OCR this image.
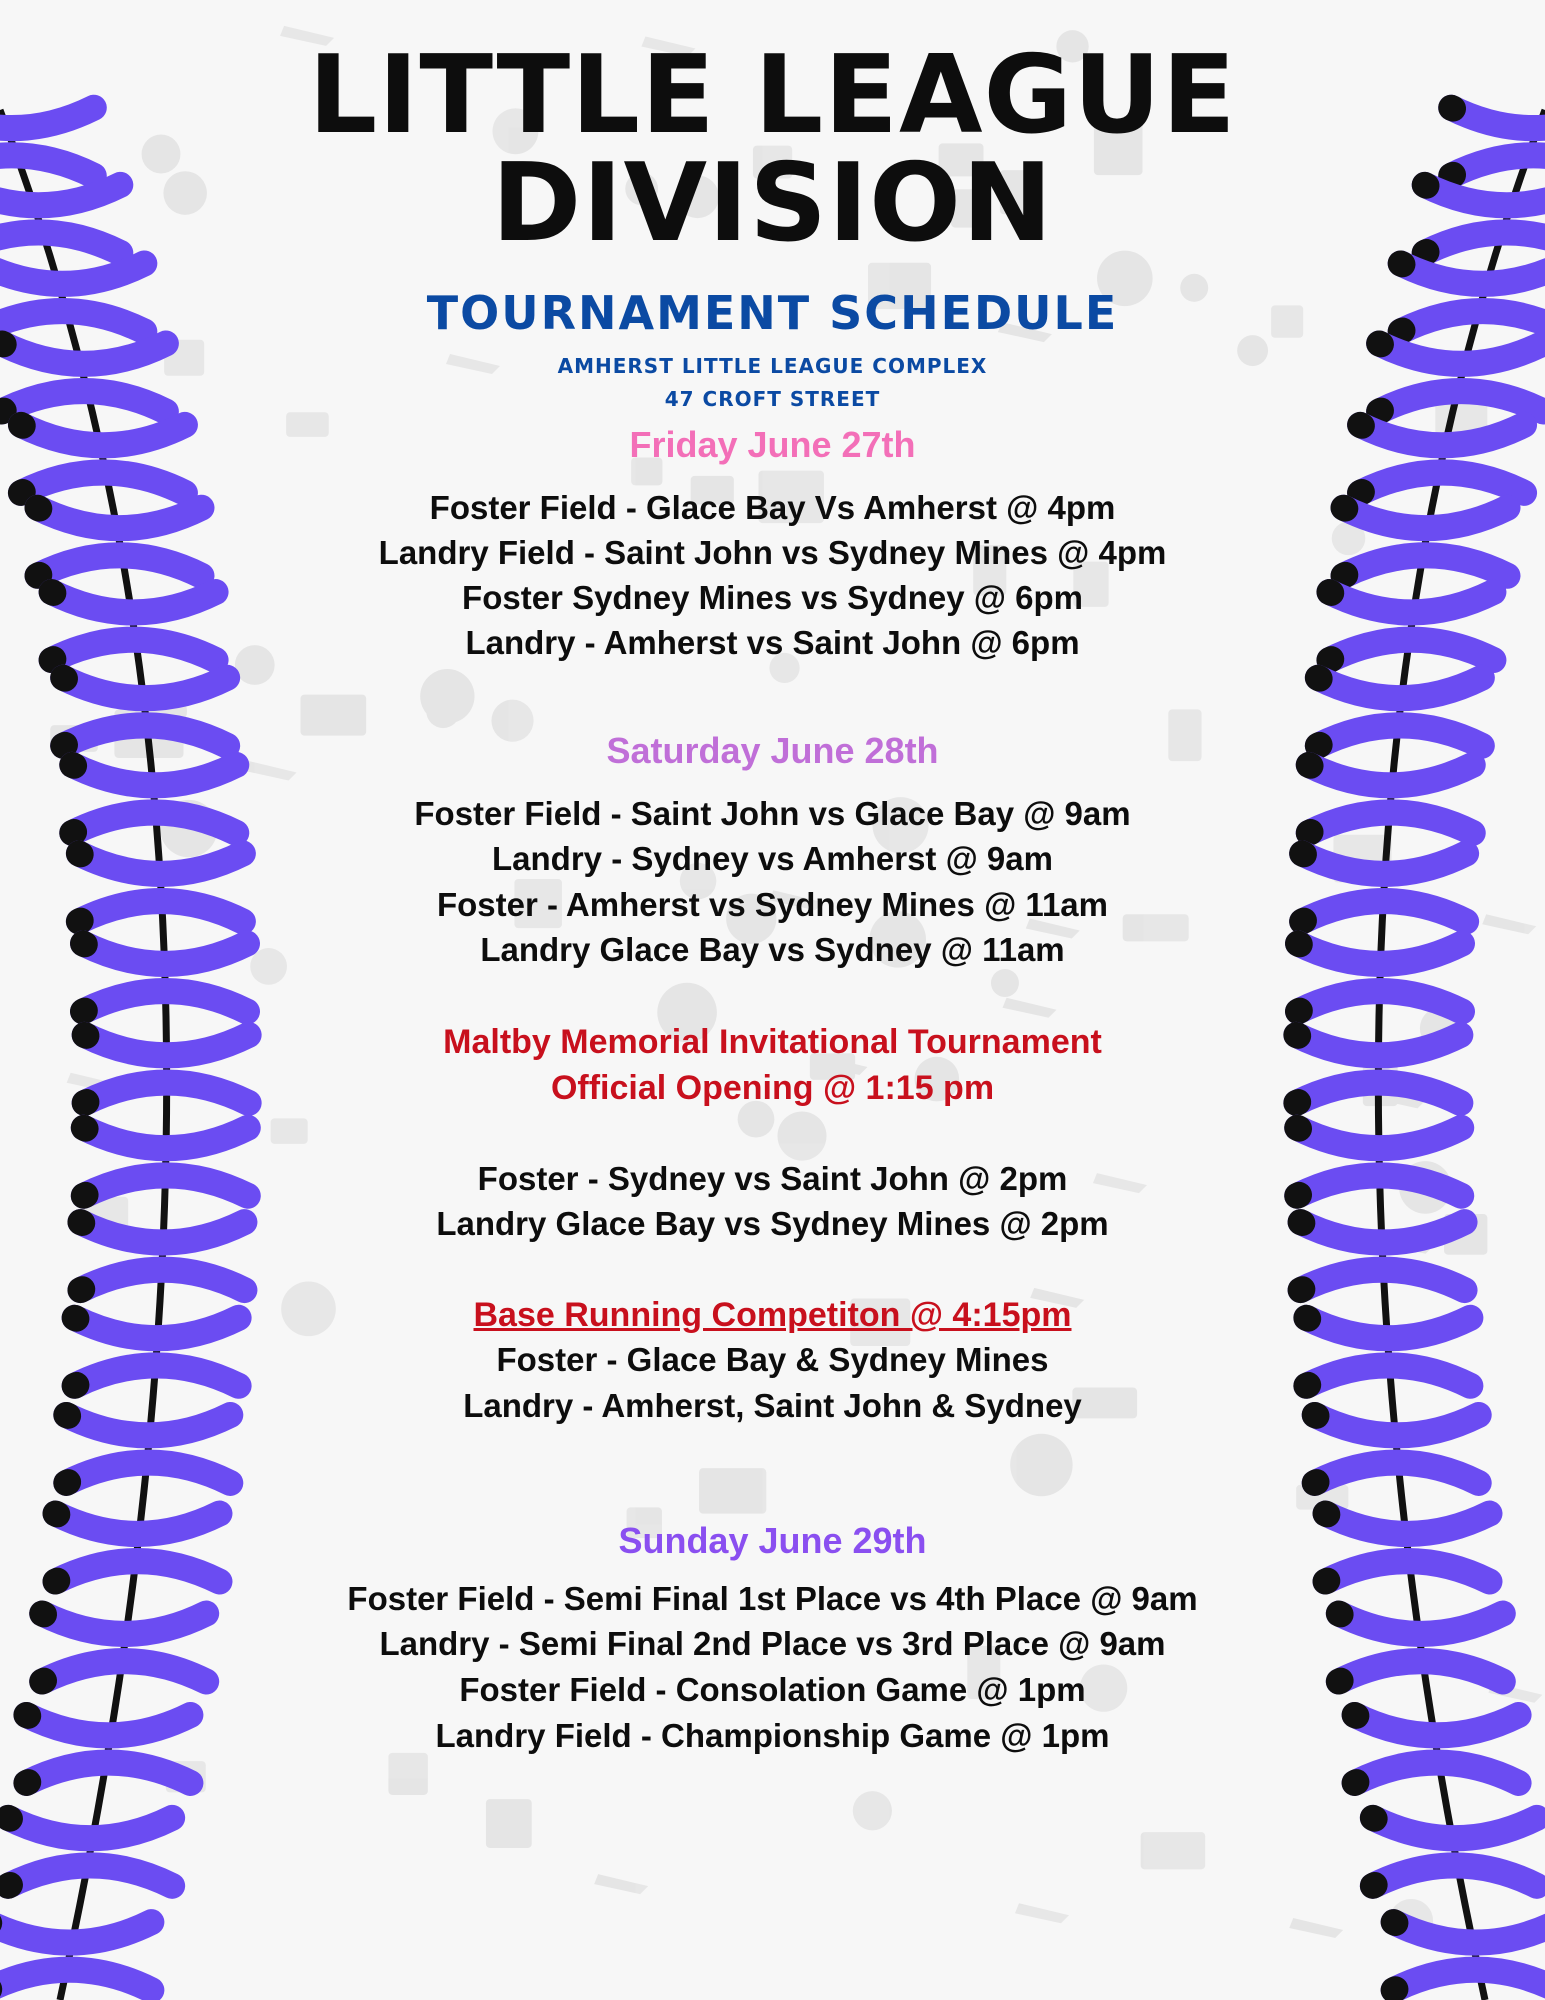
LITTLE LEAGUE
DIVISION
TOURNAMENT SCHEDULE
AMHERST LITTLE LEAGUE COMPLEX
47 CROFT STREET
Friday June 27th
Foster Field - Glace Bay Vs Amherst @ 4pm
Landry Field - Saint John vs Sydney Mines @ 4pm
Foster Sydney Mines vs Sydney @ 6pm
Landry - Amherst vs Saint John @ 6pm
Saturday June 28th
Foster Field - Saint John vs Glace Bay @ 9am
Landry - Sydney vs Amherst @ 9am
Foster - Amherst vs Sydney Mines @ 11am
Landry Glace Bay vs Sydney @ 11am
Maltby Memorial Invitational Tournament
Official Opening @ 1:15 pm
Foster - Sydney vs Saint John @ 2pm
Landry Glace Bay vs Sydney Mines @ 2pm
Base Running Competiton @ 4:15pm
Foster - Glace Bay & Sydney Mines
Landry - Amherst, Saint John & Sydney
Sunday June 29th
Foster Field - Semi Final 1st Place vs 4th Place @ 9am
Landry - Semi Final 2nd Place vs 3rd Place @ 9am
Foster Field - Consolation Game @ 1pm
Landry Field - Championship Game @ 1pm
